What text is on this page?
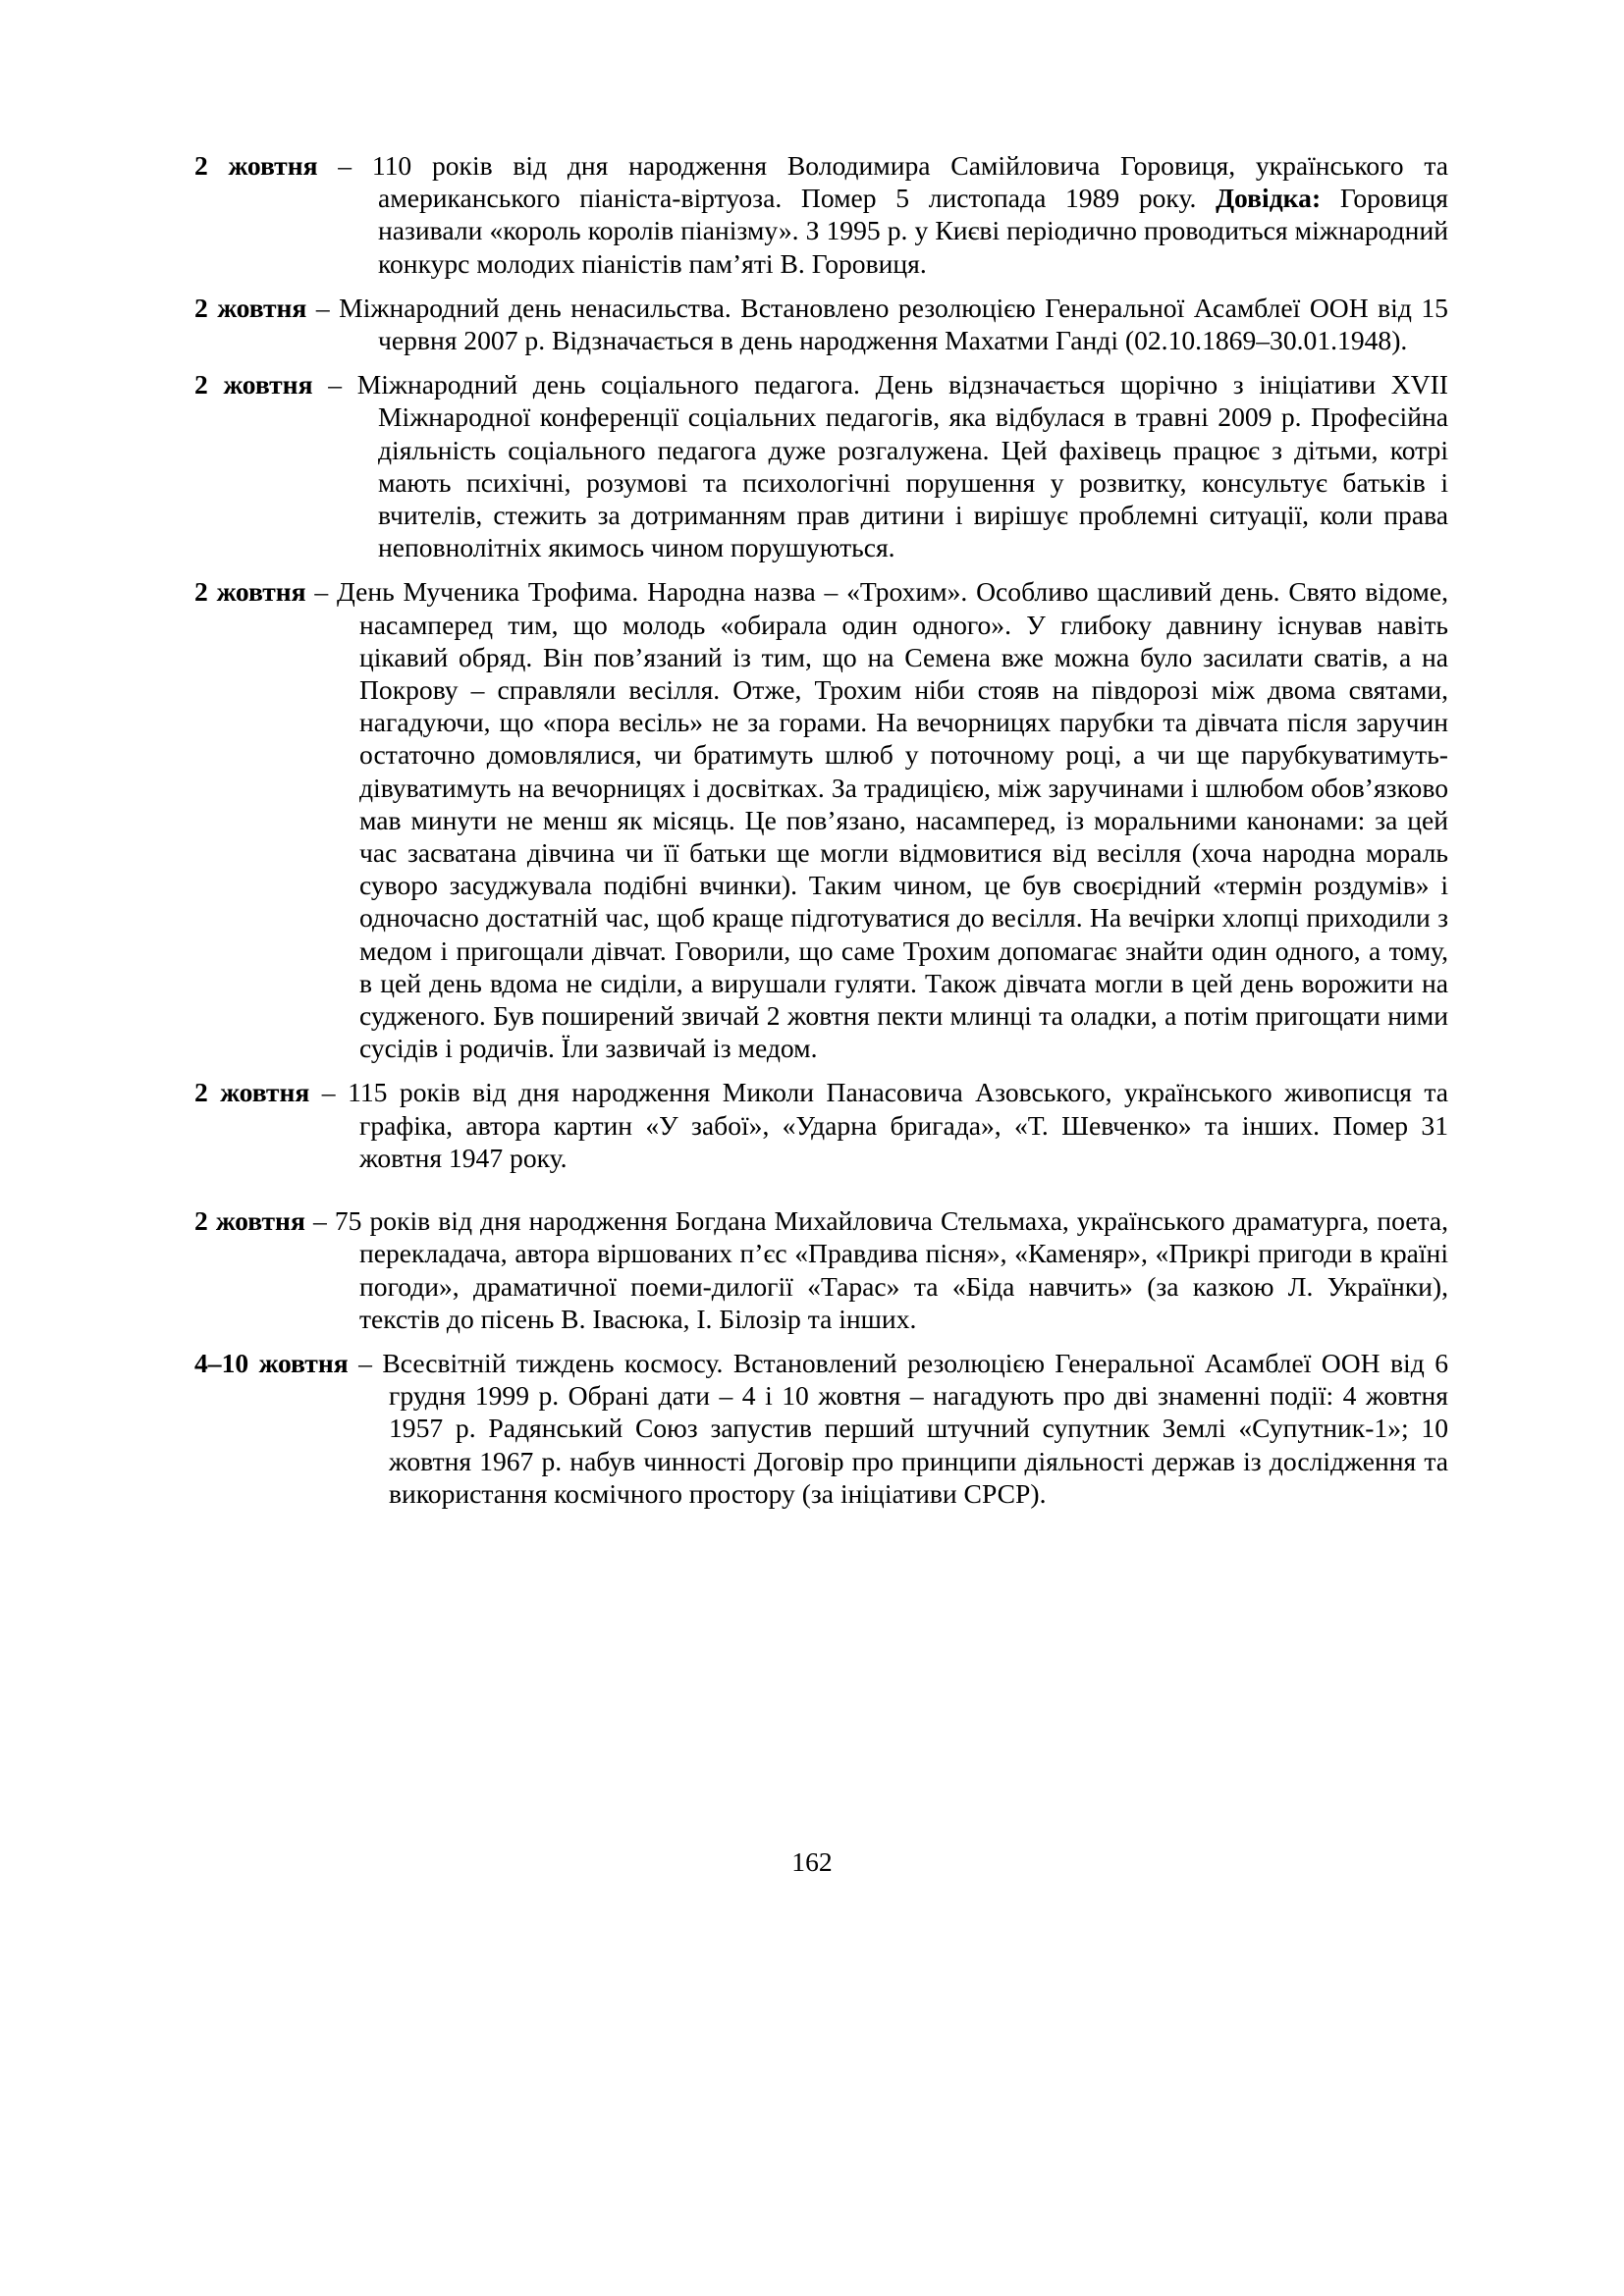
2 жовтня – 110 років від дня народження Володимира Самійловича Горовиця, українського та американського піаніста-віртуоза. Помер 5 листопада 1989 року. Довідка: Горовиця називали «король королів піанізму». З 1995 р. у Києві періодично проводиться міжнародний конкурс молодих піаністів пам’яті В. Горовиця.

2 жовтня – Міжнародний день ненасильства. Встановлено резолюцією Генеральної Асамблеї ООН від 15 червня 2007 р. Відзначається в день народження Махатми Ганді (02.10.1869–30.01.1948).

2 жовтня – Міжнародний день соціального педагога. День відзначається щорічно з ініціативи XVII Міжнародної конференції соціальних педагогів, яка відбулася в травні 2009 р. Професійна діяльність соціального педагога дуже розгалужена. Цей фахівець працює з дітьми, котрі мають психічні, розумові та психологічні порушення у розвитку, консультує батьків і вчителів, стежить за дотриманням прав дитини і вирішує проблемні ситуації, коли права неповнолітніх якимось чином порушуються.

2 жовтня – День Мученика Трофима. Народна назва – «Трохим». Особливо щасливий день. Свято відоме, насамперед тим, що молодь «обирала один одного». У глибоку давнину існував навіть цікавий обряд. Він пов’язаний із тим, що на Семена вже можна було засилати сватів, а на Покрову – справляли весілля. Отже, Трохим ніби стояв на півдорозі між двома святами, нагадуючи, що «пора весіль» не за горами. На вечорницях парубки та дівчата після заручин остаточно домовлялися, чи братимуть шлюб у поточному році, а чи ще парубкуватимуть-дівуватимуть на вечорницях і досвітках. За традицією, між заручинами і шлюбом обов’язково мав минути не менш як місяць. Це пов’язано, насамперед, із моральними канонами: за цей час засватана дівчина чи її батьки ще могли відмовитися від весілля (хоча народна мораль суворо засуджувала подібні вчинки). Таким чином, це був своєрідний «термін роздумів» і одночасно достатній час, щоб краще підготуватися до весілля. На вечірки хлопці приходили з медом і пригощали дівчат. Говорили, що саме Трохим допомагає знайти один одного, а тому, в цей день вдома не сиділи, а вирушали гуляти. Також дівчата могли в цей день ворожити на судженого. Був поширений звичай 2 жовтня пекти млинці та оладки, а потім пригощати ними сусідів і родичів. Їли зазвичай із медом.

2 жовтня – 115 років від дня народження Миколи Панасовича Азовського, українського живописця та графіка, автора картин «У забої», «Ударна бригада», «Т. Шевченко» та інших. Помер 31 жовтня 1947 року.

2 жовтня – 75 років від дня народження Богдана Михайловича Стельмаха, українського драматурга, поета, перекладача, автора віршованих п’єс «Правдива пісня», «Каменяр», «Прикрі пригоди в країні погоди», драматичної поеми-дилогії «Тарас» та «Біда навчить» (за казкою Л. Українки), текстів до пісень В. Івасюка, І. Білозір та інших.

4–10 жовтня – Всесвітній тиждень космосу. Встановлений резолюцією Генеральної Асамблеї ООН від 6 грудня 1999 р. Обрані дати – 4 і 10 жовтня – нагадують про дві знаменні події: 4 жовтня 1957 р. Радянський Союз запустив перший штучний супутник Землі «Супутник-1»; 10 жовтня 1967 р. набув чинності Договір про принципи діяльності держав із дослідження та використання космічного простору (за ініціативи СРСР).

162
